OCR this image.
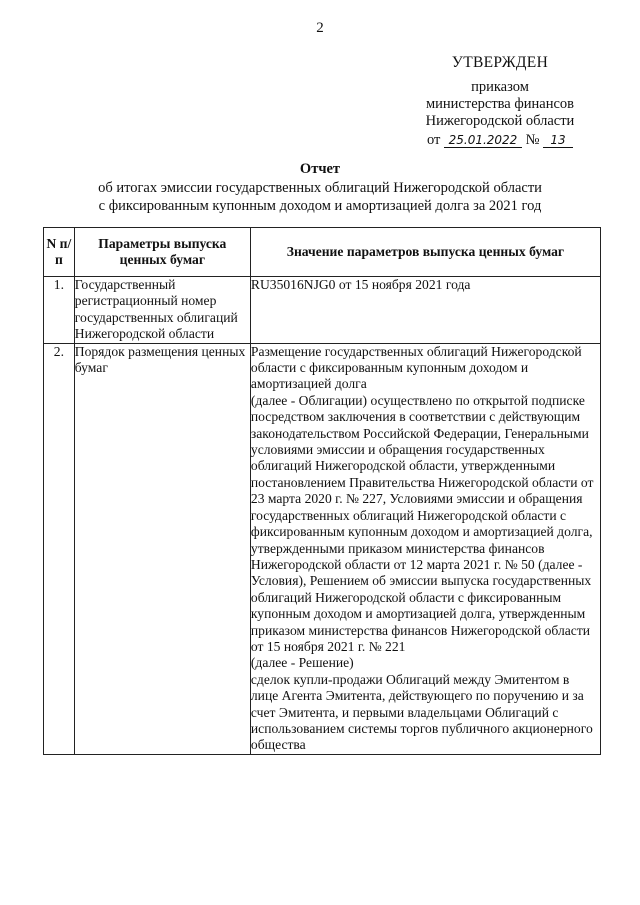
2
УТВЕРЖДЕН
приказом
министерства финансов
Нижегородской области
от 25.01.2022 № 13
Отчет
об итогах эмиссии государственных облигаций Нижегородской области
с фиксированным купонным доходом и амортизацией долга за 2021 год
N п/п	Параметры выпуска ценных бумаг	Значение параметров выпуска ценных бумаг
1.	Государственный регистрационный номер государственных облигаций Нижегородской области	RU35016NJG0 от 15 ноября 2021 года

2.	Порядок размещения ценных бумаг	Размещение государственных облигаций Нижегородской области с фиксированным купонным доходом и амортизацией долга
(далее - Облигации) осуществлено по открытой подписке посредством заключения в соответствии с действующим законодательством Российской Федерации, Генеральными условиями эмиссии и обращения государственных облигаций Нижегородской области, утвержденными постановлением Правительства Нижегородской области от 23 марта 2020 г. № 227, Условиями эмиссии и обращения государственных облигаций Нижегородской области с фиксированным купонным доходом и амортизацией долга, утвержденными приказом министерства финансов Нижегородской области от 12 марта 2021 г. № 50 (далее - Условия), Решением об эмиссии выпуска государственных облигаций Нижегородской области с фиксированным купонным доходом и амортизацией долга, утвержденным приказом министерства финансов Нижегородской области от 15 ноября 2021 г. № 221
(далее - Решение)
сделок купли-продажи Облигаций между Эмитентом в лице Агента Эмитента, действующего по поручению и за счет Эмитента, и первыми владельцами Облигаций с использованием системы торгов публичного акционерного общества
